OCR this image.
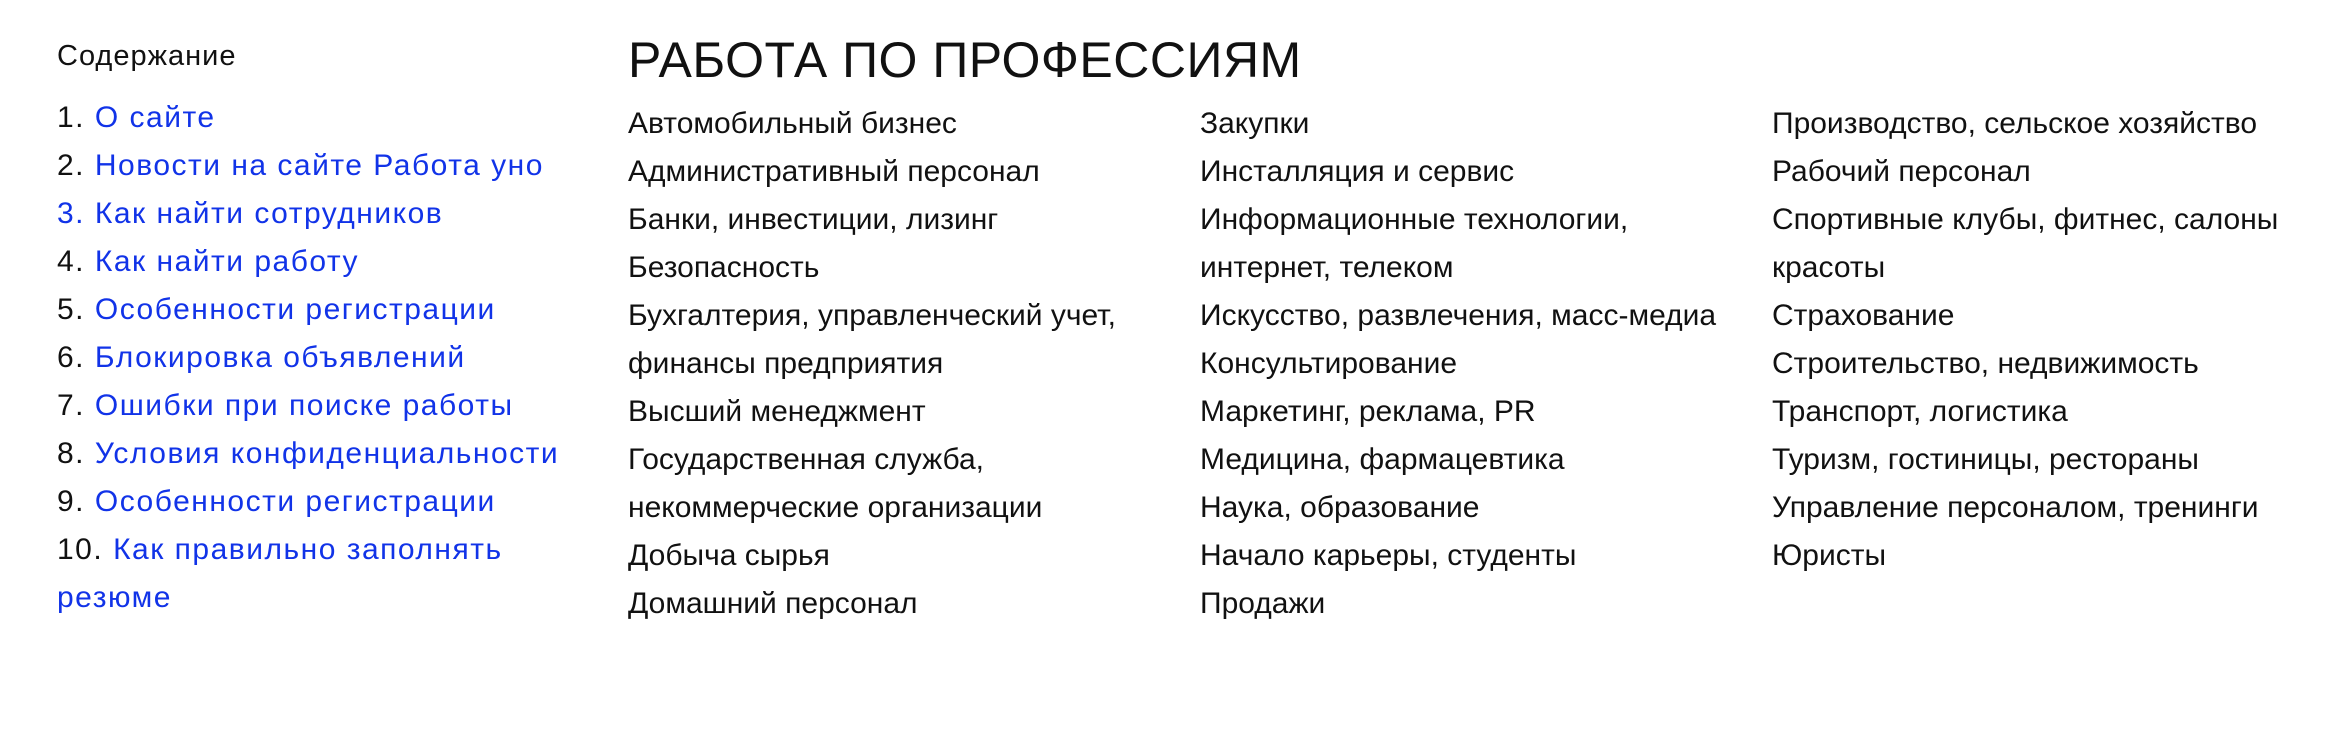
Содержание
1. О сайте
2. Новости на сайте Работа уно
3. Как найти сотрудников
4. Как найти работу
5. Особенности регистрации
6. Блокировка объявлений
7. Ошибки при поиске работы
8. Условия конфиденциальности
9. Особенности регистрации
10. Как правильно заполнять резюме
РАБОТА ПО ПРОФЕССИЯМ
Автомобильный бизнес
Административный персонал
Банки, инвестиции, лизинг
Безопасность
Бухгалтерия, управленческий учет, финансы предприятия
Высший менеджмент
Государственная служба, некоммерческие организации
Добыча сырья
Домашний персонал
Закупки
Инсталляция и сервис
Информационные технологии, интернет, телеком
Искусство, развлечения, масс-медиа
Консультирование
Маркетинг, реклама, PR
Медицина, фармацевтика
Наука, образование
Начало карьеры, студенты
Продажи
Производство, сельское хозяйство
Рабочий персонал
Спортивные клубы, фитнес, салоны красоты
Страхование
Строительство, недвижимость
Транспорт, логистика
Туризм, гостиницы, рестораны
Управление персоналом, тренинги
Юристы
